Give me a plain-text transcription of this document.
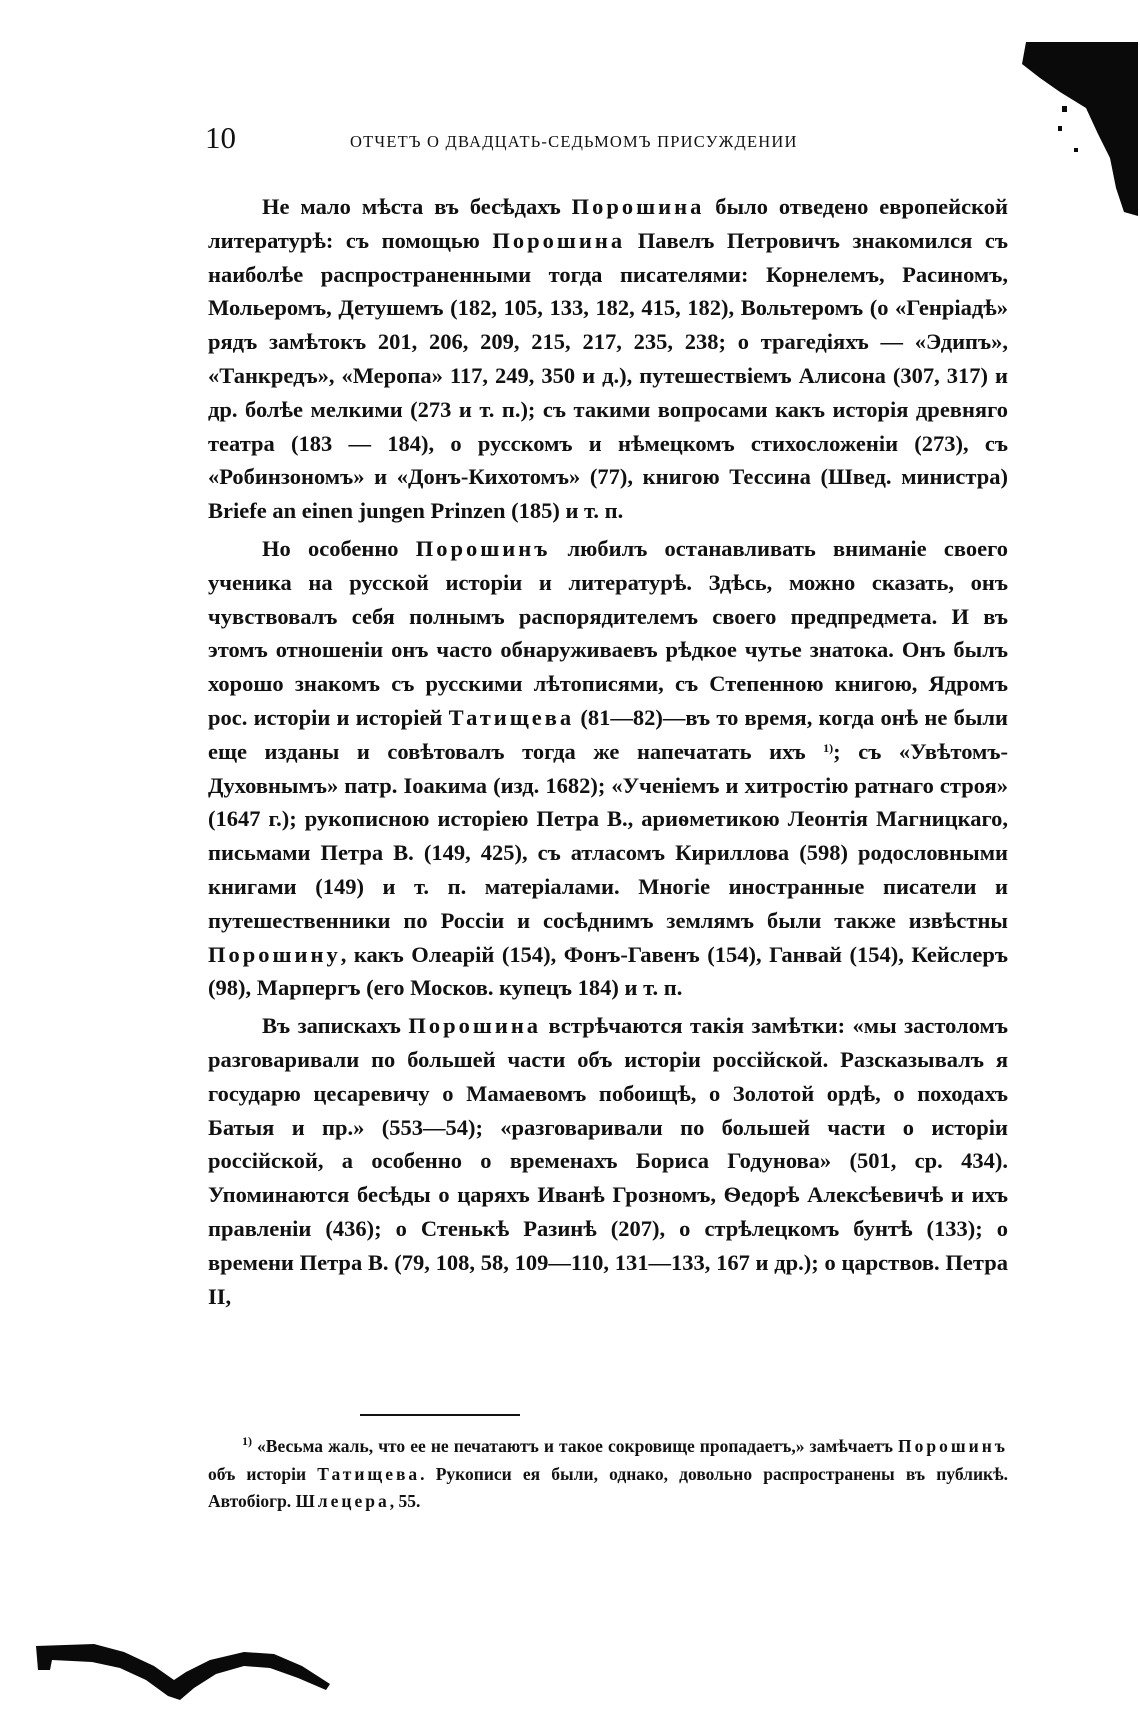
10	ОТЧЕТЪ О ДВАДЦАТЬ-СЕДЬМОМЪ ПРИСУЖДЕНИИ

Не мало мѣста въ бесѣдахъ Порошина было отведено европейской литературѣ: съ помощью Порошина Павелъ Петровичъ знакомился съ наиболѣе распространенными тогда писателями: Корнелемъ, Расиномъ, Мольеромъ, Детушемъ (182, 105, 133, 182, 415, 182), Вольтеромъ (о «Генріадѣ» рядъ замѣтокъ 201, 206, 209, 215, 217, 235, 238; о трагедіяхъ — «Эдипъ», «Танкредъ», «Меропа» 117, 249, 350 и д.), путешествіемъ Алисона (307, 317) и др. болѣе мелкими (273 и т. п.); съ такими вопросами какъ исторія древняго театра (183 — 184), о русскомъ и нѣмецкомъ стихосложеніи (273), съ «Робинзономъ» и «Донъ-Кихотомъ» (77), книгою Тессина (Швед. министра) Briefe an einen jungen Prinzen (185) и т. п.

Но особенно Порошинъ любилъ останавливать вниманіе своего ученика на русской исторіи и литературѣ. Здѣсь, можно сказать, онъ чувствовалъ себя полнымъ распорядителемъ своего предпредмета. И въ этомъ отношеніи онъ часто обнаруживаевъ рѣдкое чутье знатока. Онъ былъ хорошо знакомъ съ русскими лѣтописями, съ Степенною книгою, Ядромъ рос. исторіи и исторіей Татищева (81—82)—въ то время, когда онѣ не были еще изданы и совѣтовалъ тогда же напечатать ихъ $^{1)}$; съ «Увѣтомъ-Духовнымъ» патр. Іоакима (изд. 1682); «Ученіемъ и хитростію ратнаго строя» (1647 г.); рукописною исторіею Петра В., ариѳметикою Леонтія Магницкаго, письмами Петра В. (149, 425), съ атласомъ Кириллова (598) родословными книгами (149) и т. п. матеріалами. Многіе иностранные писатели и путешественники по Россіи и сосѣднимъ землямъ были также извѣстны Порошину, какъ Олеарій (154), Фонъ-Гавенъ (154), Ганвай (154), Кейслеръ (98), Марпергъ (его Москов. купецъ 184) и т. п.

Въ запискахъ Порошина встрѣчаются такія замѣтки: «мы застоломъ разговаривали по большей части объ исторіи россійской. Разсказывалъ я государю цесаревичу о Мамаевомъ побоищѣ, о Золотой ордѣ, о походахъ Батыя и пр.» (553—54); «разговаривали по большей части о исторіи россійской, а особенно о временахъ Бориса Годунова» (501, ср. 434). Упоминаются бесѣды о царяхъ Иванѣ Грозномъ, Ѳедорѣ Алексѣевичѣ и ихъ правленіи (436); о Стенькѣ Разинѣ (207), о стрѣлецкомъ бунтѣ (133); о времени Петра В. (79, 108, 58, 109—110, 131—133, 167 и др.); о царствов. Петра II,

$^{1)}$ «Весьма жаль, что ее не печатаютъ и такое сокровище пропадаетъ,» замѣчаетъ Порошинъ объ исторіи Татищева. Рукописи ея были, однако, довольно распространены въ публикѣ. Автобіогр. Шлецера, 55.
